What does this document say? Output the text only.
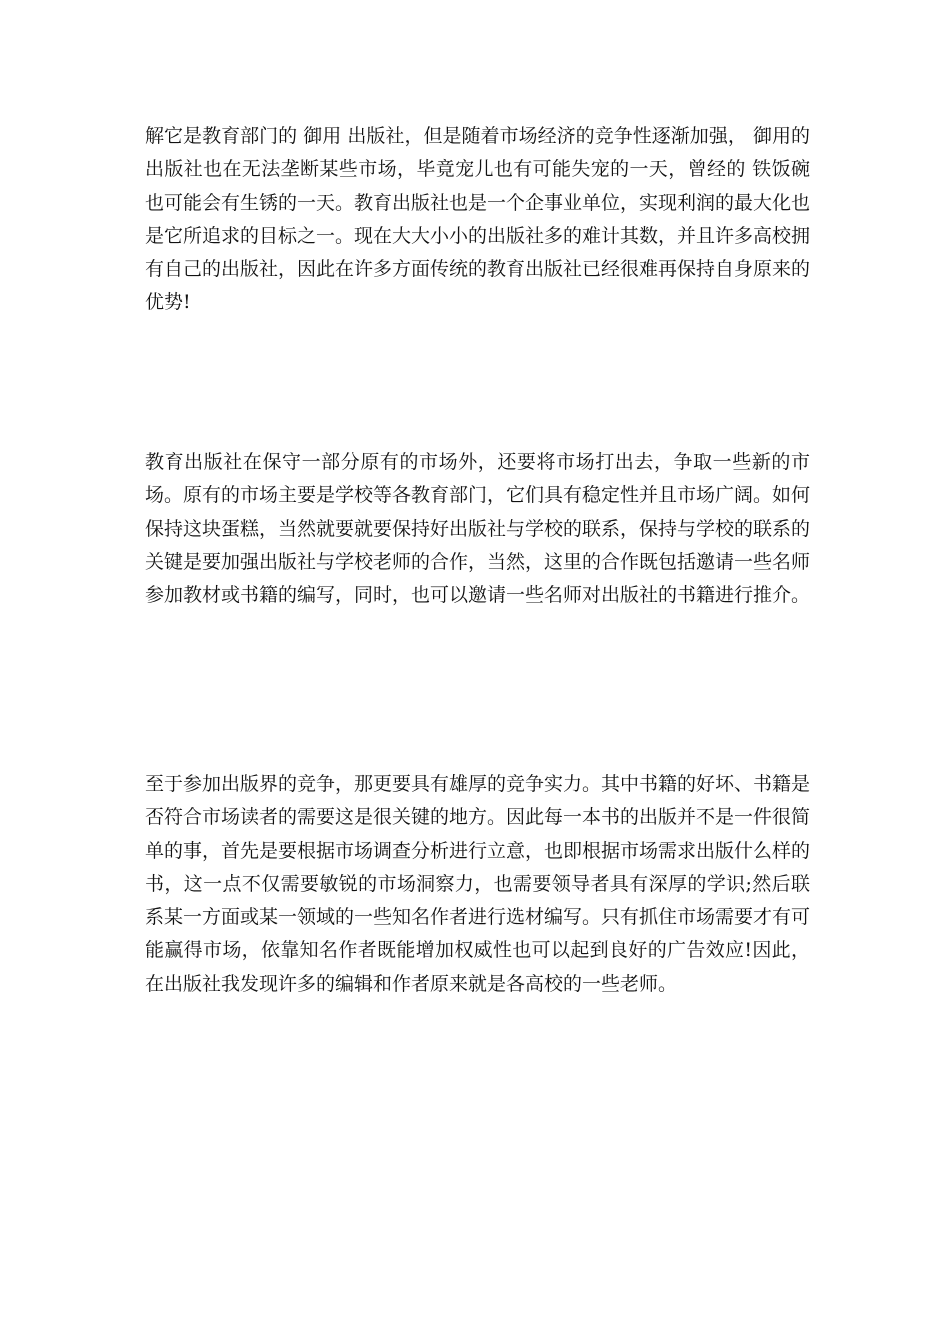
解它是教育部门的 御用 出版社，但是随着市场经济的竞争性逐渐加强， 御用的出版社也在无法垄断某些市场，毕竟宠儿也有可能失宠的一天，曾经的 铁饭碗 也可能会有生锈的一天。教育出版社也是一个企事业单位，实现利润的最大化也是它所追求的目标之一。现在大大小小的出版社多的难计其数，并且许多高校拥有自己的出版社，因此在许多方面传统的教育出版社已经很难再保持自身原来的优势!

教育出版社在保守一部分原有的市场外，还要将市场打出去，争取一些新的市场。原有的市场主要是学校等各教育部门，它们具有稳定性并且市场广阔。如何保持这块蛋糕，当然就要就要保持好出版社与学校的联系，保持与学校的联系的关键是要加强出版社与学校老师的合作，当然，这里的合作既包括邀请一些名师参加教材或书籍的编写，同时，也可以邀请一些名师对出版社的书籍进行推介。

至于参加出版界的竞争，那更要具有雄厚的竞争实力。其中书籍的好坏、书籍是否符合市场读者的需要这是很关键的地方。因此每一本书的出版并不是一件很简单的事，首先是要根据市场调查分析进行立意，也即根据市场需求出版什么样的书，这一点不仅需要敏锐的市场洞察力，也需要领导者具有深厚的学识;然后联系某一方面或某一领域的一些知名作者进行选材编写。只有抓住市场需要才有可能赢得市场，依靠知名作者既能增加权威性也可以起到良好的广告效应!因此，在出版社我发现许多的编辑和作者原来就是各高校的一些老师。
